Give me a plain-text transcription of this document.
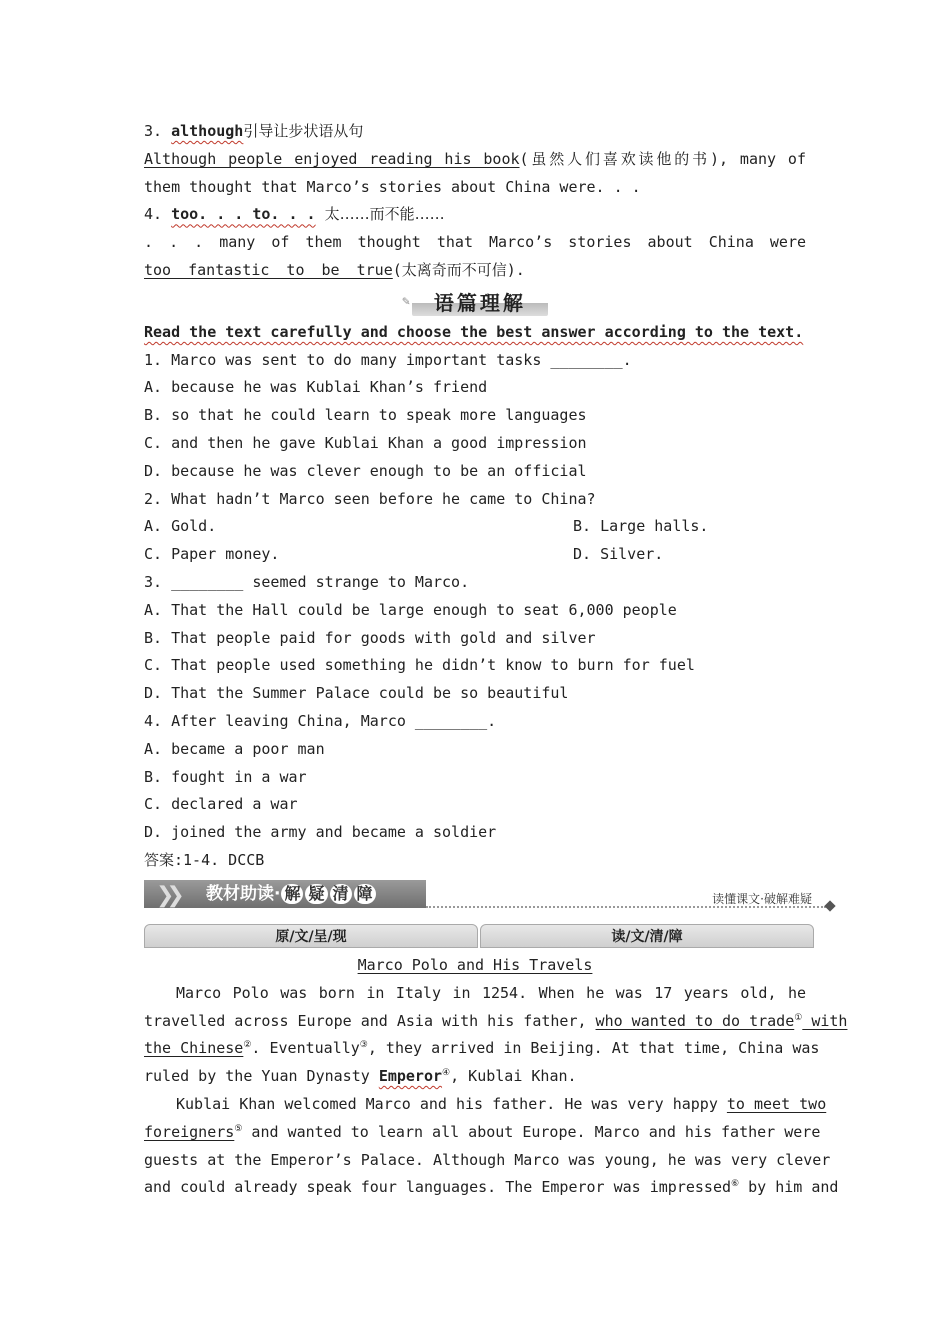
3. although引导让步状语从句
Although people enjoyed reading his book(虽然人们喜欢读他的书), many of
them thought that Marco’s stories about China were. . .
4. too. . . to. . . 太……而不能……
. . . many of them thought that Marco’s stories about China were
too fantastic to be true(太离奇而不可信).
✎	语篇理解
Read the text carefully and choose the best answer according to the text.
1. Marco was sent to do many important tasks ________.
A. because he was Kublai Khan’s friend
B. so that he could learn to speak more languages
C. and then he gave Kublai Khan a good impression
D. because he was clever enough to be an official
2. What hadn’t Marco seen before he came to China?
A. Gold.	B. Large halls.
C. Paper money.	D. Silver.
3. ________ seemed strange to Marco.
A. That the Hall could be large enough to seat 6,000 people
B. That people paid for goods with gold and silver
C. That people used something he didn’t know to burn for fuel
D. That the Summer Palace could be so beautiful
4. After leaving China, Marco ________.
A. became a poor man
B. fought in a war
C. declared a war
D. joined the army and became a soldier
答案:1-4. DCCB
❯❯ 教材助读· 解 疑 清 障	读懂课文·破解难疑
原/文/呈/现	读/文/清/障
Marco Polo and His Travels
Marco Polo was born in Italy in 1254. When he was 17 years old, he
travelled across Europe and Asia with his father, who wanted to do trade① with
the Chinese②. Eventually③, they arrived in Beijing. At that time, China was
ruled by the Yuan Dynasty Emperor④, Kublai Khan.
Kublai Khan welcomed Marco and his father. He was very happy to meet two
foreigners⑤ and wanted to learn all about Europe. Marco and his father were
guests at the Emperor’s Palace. Although Marco was young, he was very clever
and could already speak four languages. The Emperor was impressed⑥ by him and
